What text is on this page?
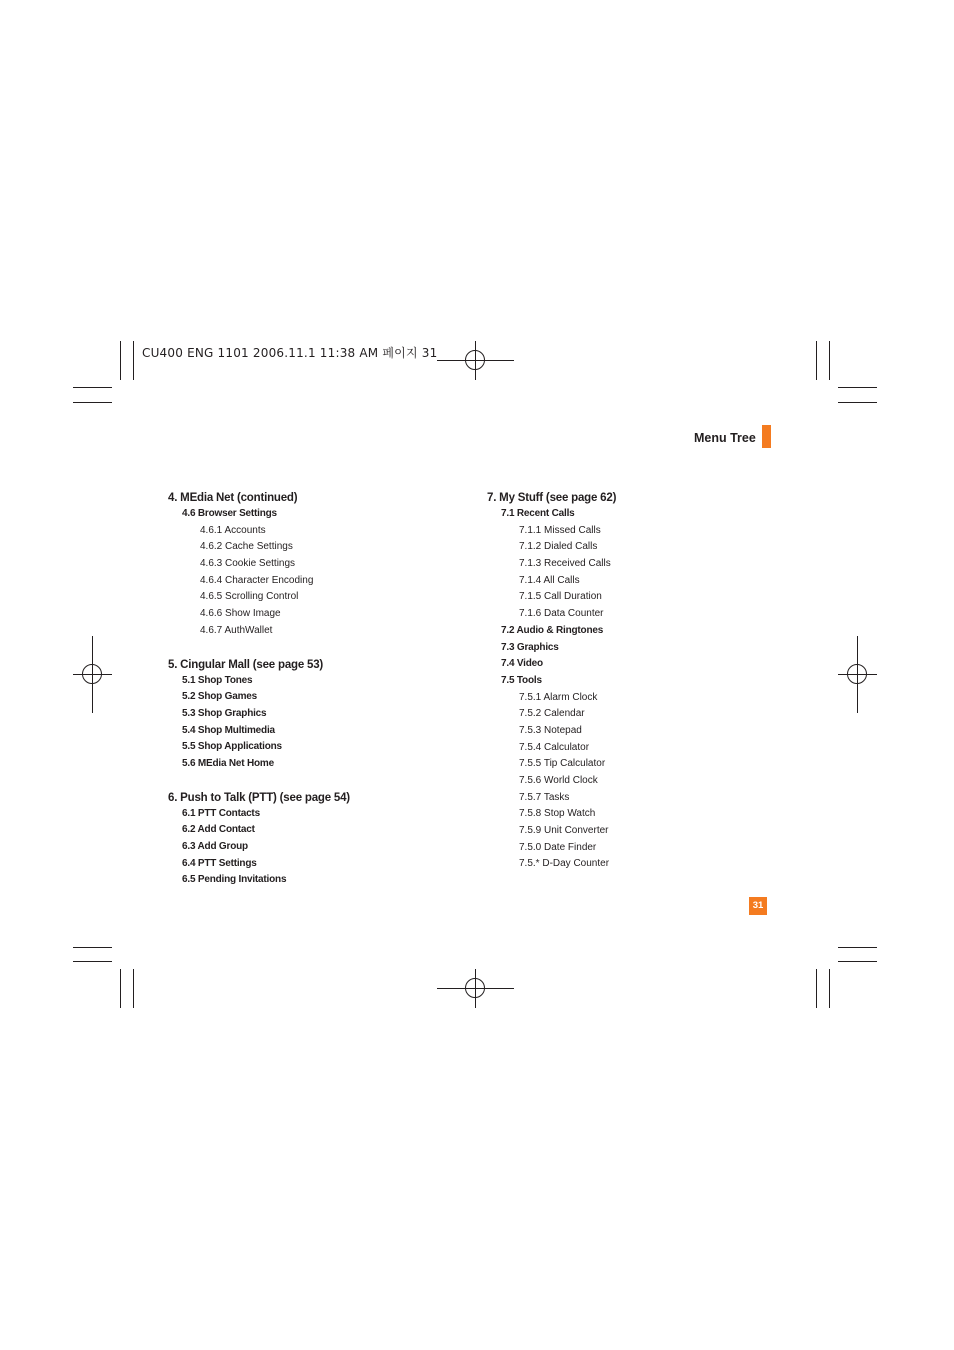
CU400 ENG 1101 2006.11.1 11:38 AM 페이지 31
Menu Tree
4. MEdia Net (continued)
4.6 Browser Settings
4.6.1 Accounts
4.6.2 Cache Settings
4.6.3 Cookie Settings
4.6.4 Character Encoding
4.6.5 Scrolling Control
4.6.6 Show Image
4.6.7 AuthWallet
5. Cingular Mall (see page 53)
5.1 Shop Tones
5.2 Shop Games
5.3 Shop Graphics
5.4 Shop Multimedia
5.5 Shop Applications
5.6 MEdia Net Home
6. Push to Talk (PTT) (see page 54)
6.1 PTT Contacts
6.2 Add Contact
6.3 Add Group
6.4 PTT Settings
6.5 Pending Invitations
7. My Stuff (see page 62)
7.1 Recent Calls
7.1.1 Missed Calls
7.1.2 Dialed Calls
7.1.3 Received Calls
7.1.4 All Calls
7.1.5 Call Duration
7.1.6 Data Counter
7.2 Audio & Ringtones
7.3 Graphics
7.4 Video
7.5 Tools
7.5.1 Alarm Clock
7.5.2 Calendar
7.5.3 Notepad
7.5.4 Calculator
7.5.5 Tip Calculator
7.5.6 World Clock
7.5.7 Tasks
7.5.8 Stop Watch
7.5.9 Unit Converter
7.5.0 Date Finder
7.5.* D-Day Counter
31
